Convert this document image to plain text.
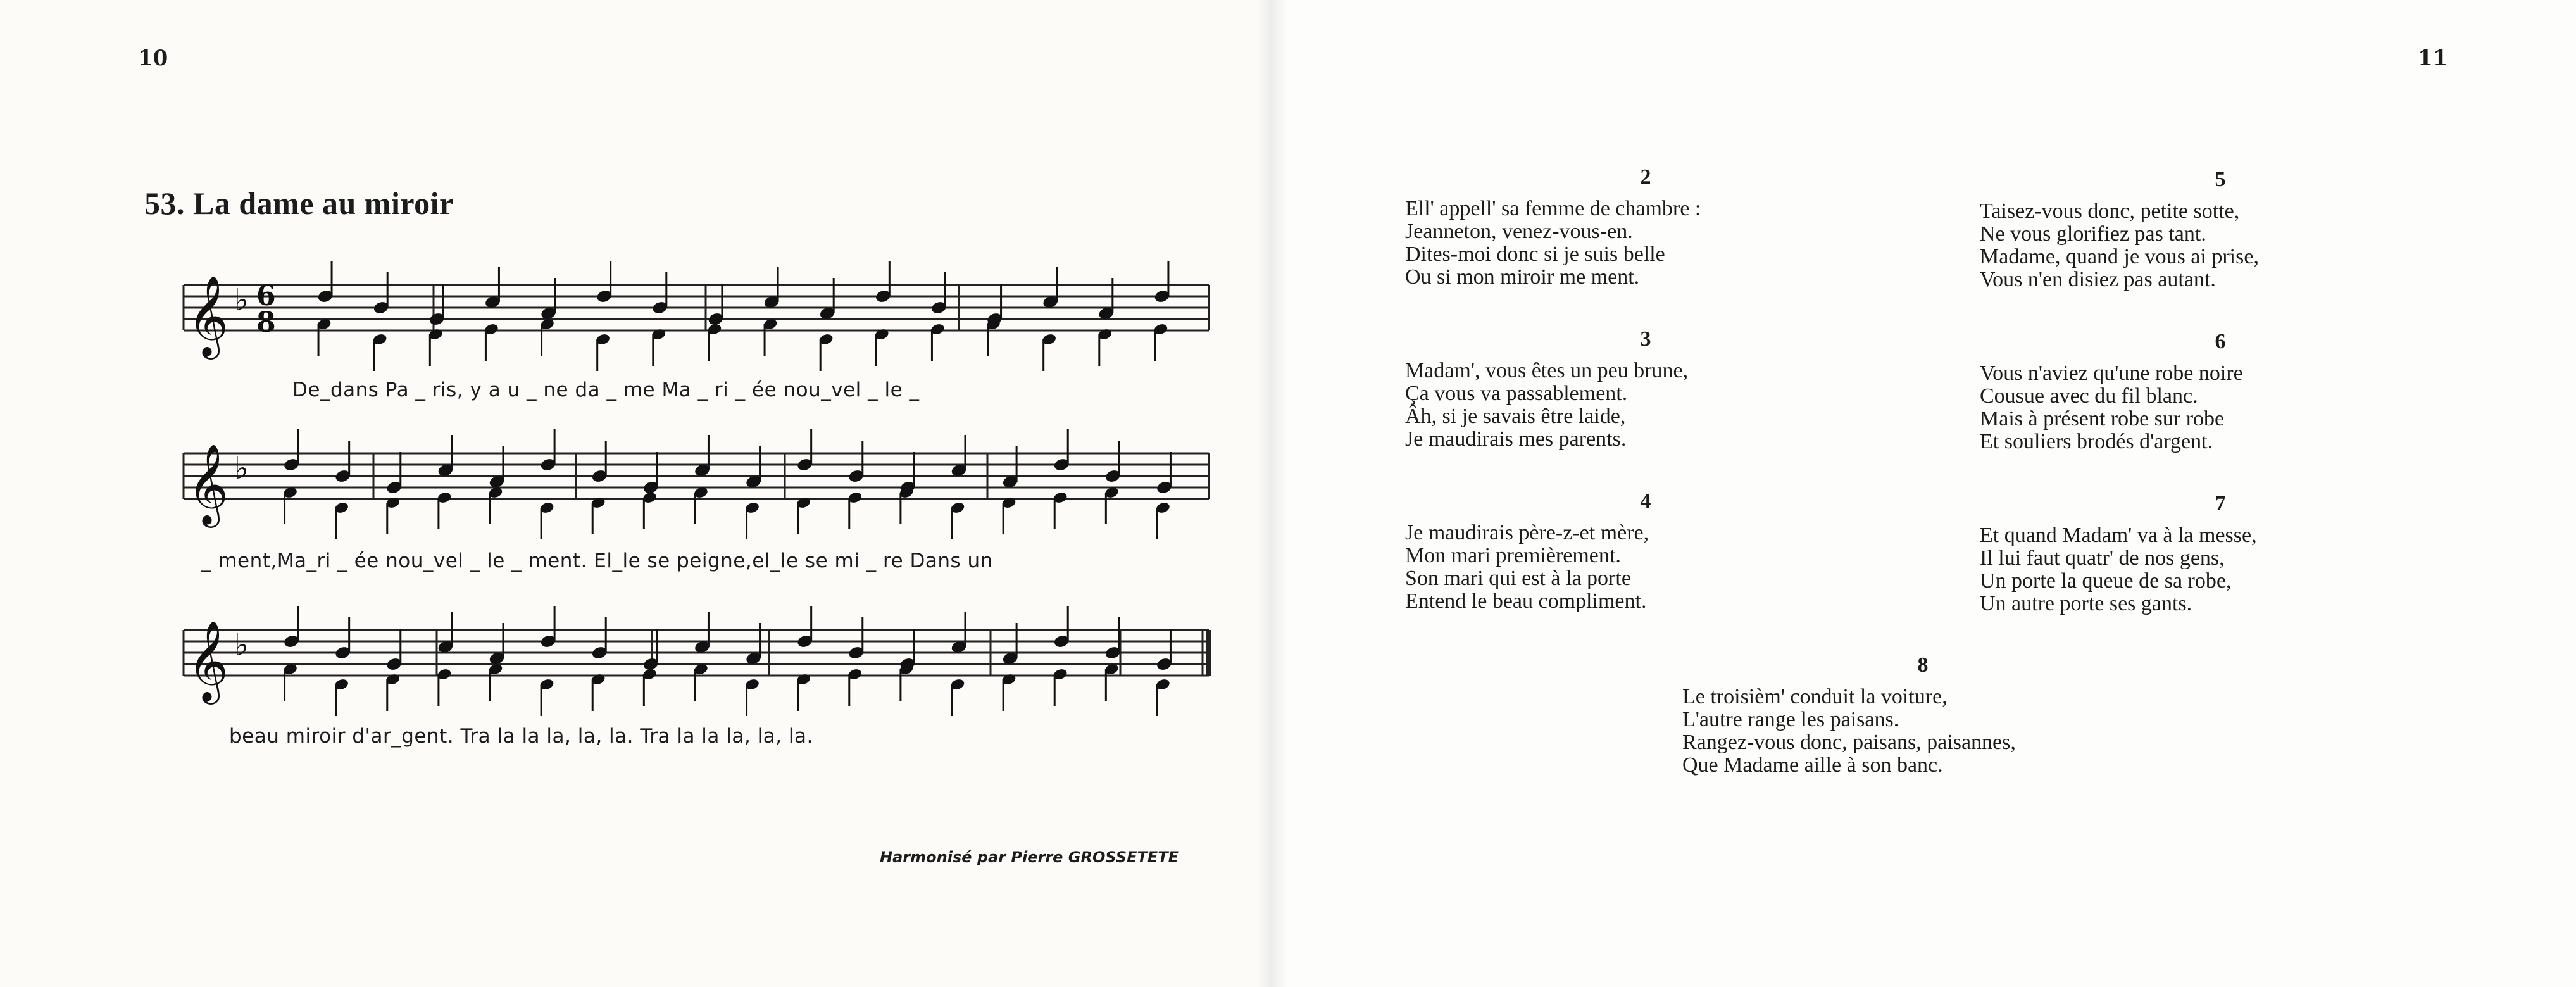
10
53. La dame au miroir
𝄞 ♭ 6
8
𝄞 ♭
𝄞 ♭
De_dans Pa _ ris, y a u _ ne da _ me Ma _ ri _ ée nou_vel _ le _
_ ment,Ma_ri _ ée nou_vel _ le _ ment. El_le se peigne,el_le se mi _ re Dans un
beau miroir d'ar_gent. Tra la la la, la, la. Tra la la la, la, la.
Harmonisé par Pierre GROSSETETE
11
2
Ell' appell' sa femme de chambre :
Jeanneton, venez-vous-en.
Dites-moi donc si je suis belle
Ou si mon miroir me ment.
5
Taisez-vous donc, petite sotte,
Ne vous glorifiez pas tant.
Madame, quand je vous ai prise,
Vous n'en disiez pas autant.
3
Madam', vous êtes un peu brune,
Ça vous va passablement.
Âh, si je savais être laide,
Je maudirais mes parents.
6
Vous n'aviez qu'une robe noire
Cousue avec du fil blanc.
Mais à présent robe sur robe
Et souliers brodés d'argent.
4
Je maudirais père-z-et mère,
Mon mari premièrement.
Son mari qui est à la porte
Entend le beau compliment.
7
Et quand Madam' va à la messe,
Il lui faut quatr' de nos gens,
Un porte la queue de sa robe,
Un autre porte ses gants.
8
Le troisièm' conduit la voiture,
L'autre range les paisans.
Rangez-vous donc, paisans, paisannes,
Que Madame aille à son banc.
